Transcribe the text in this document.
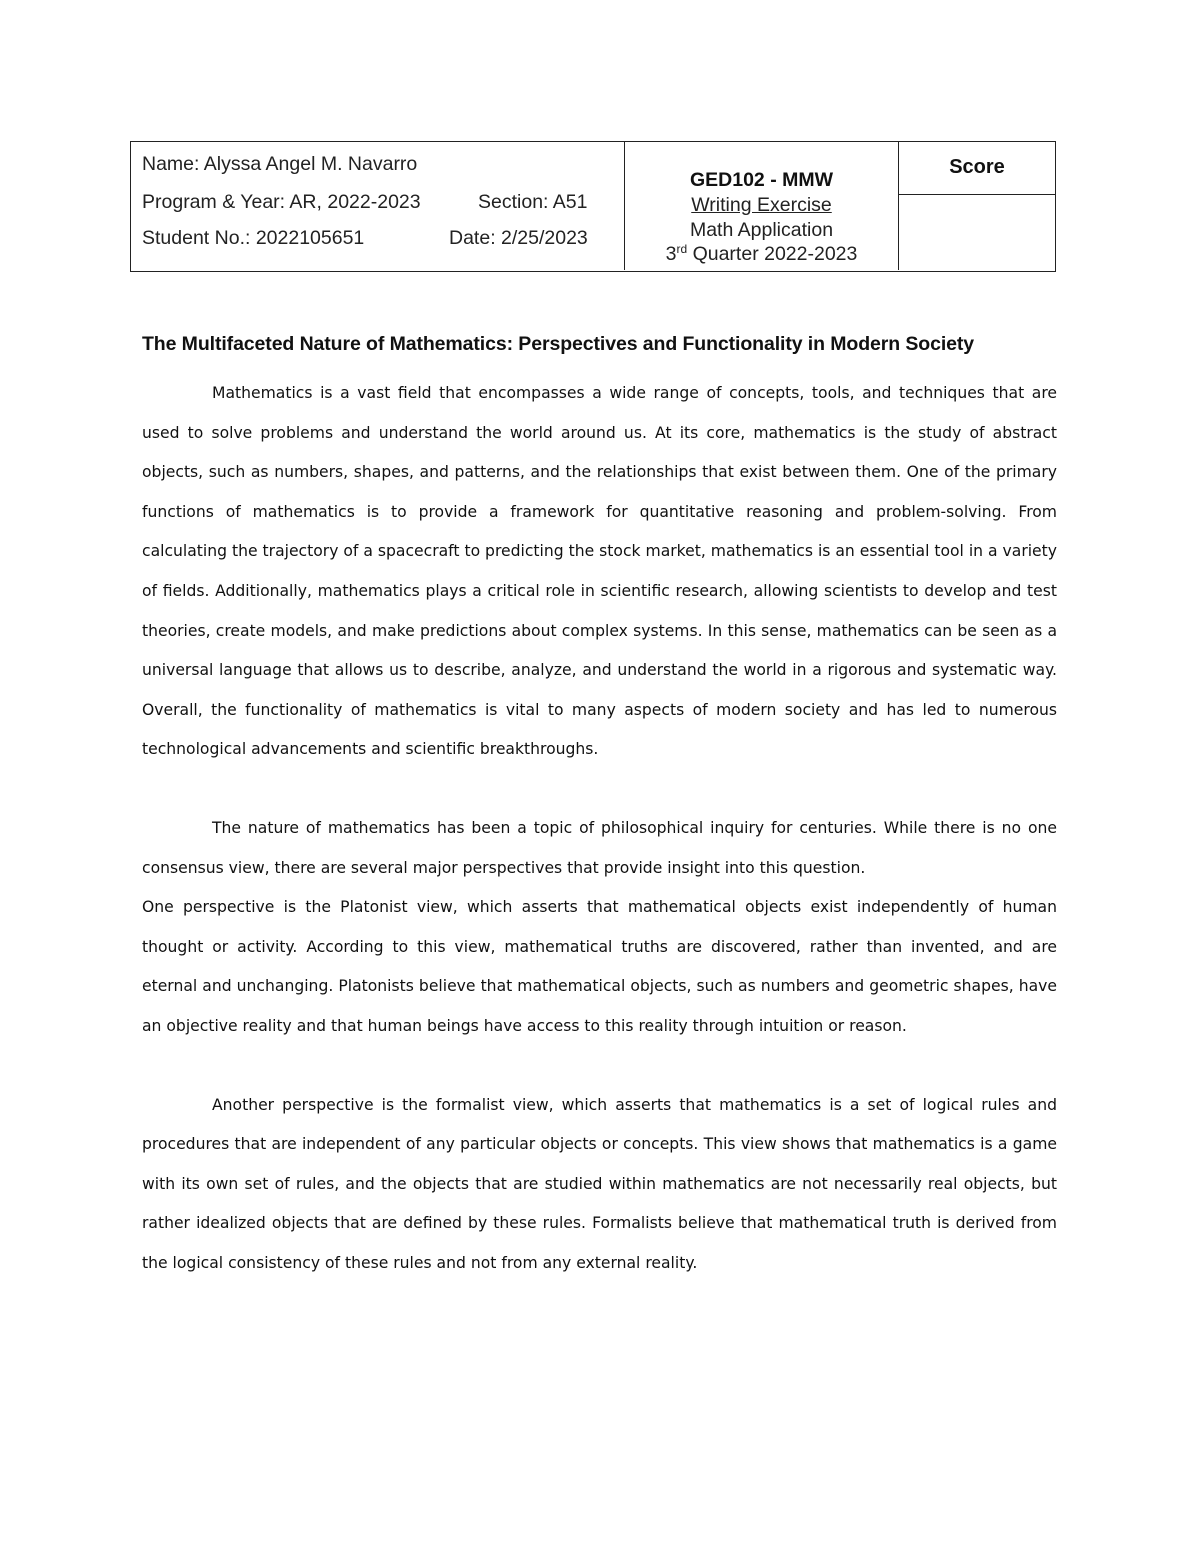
Name: Alyssa Angel M. Navarro
Program & Year: AR, 2022-2023	Section: A51
Student No.: 2022105651	Date: 2/25/2023
GED102 - MMW
Writing Exercise
Math Application
3rd Quarter 2022-2023
Score
The Multifaceted Nature of Mathematics: Perspectives and Functionality in Modern Society

Mathematics is a vast field that encompasses a wide range of concepts, tools, and techniques that are used to solve problems and understand the world around us. At its core, mathematics is the study of abstract objects, such as numbers, shapes, and patterns, and the relationships that exist between them. One of the primary functions of mathematics is to provide a framework for quantitative reasoning and problem-solving. From calculating the trajectory of a spacecraft to predicting the stock market, mathematics is an essential tool in a variety of fields. Additionally, mathematics plays a critical role in scientific research, allowing scientists to develop and test theories, create models, and make predictions about complex systems. In this sense, mathematics can be seen as a universal language that allows us to describe, analyze, and understand the world in a rigorous and systematic way. Overall, the functionality of mathematics is vital to many aspects of modern society and has led to numerous technological advancements and scientific breakthroughs.

The nature of mathematics has been a topic of philosophical inquiry for centuries. While there is no one consensus view, there are several major perspectives that provide insight into this question.

One perspective is the Platonist view, which asserts that mathematical objects exist independently of human thought or activity. According to this view, mathematical truths are discovered, rather than invented, and are eternal and unchanging. Platonists believe that mathematical objects, such as numbers and geometric shapes, have an objective reality and that human beings have access to this reality through intuition or reason.

Another perspective is the formalist view, which asserts that mathematics is a set of logical rules and procedures that are independent of any particular objects or concepts. This view shows that mathematics is a game with its own set of rules, and the objects that are studied within mathematics are not necessarily real objects, but rather idealized objects that are defined by these rules. Formalists believe that mathematical truth is derived from the logical consistency of these rules and not from any external reality.
